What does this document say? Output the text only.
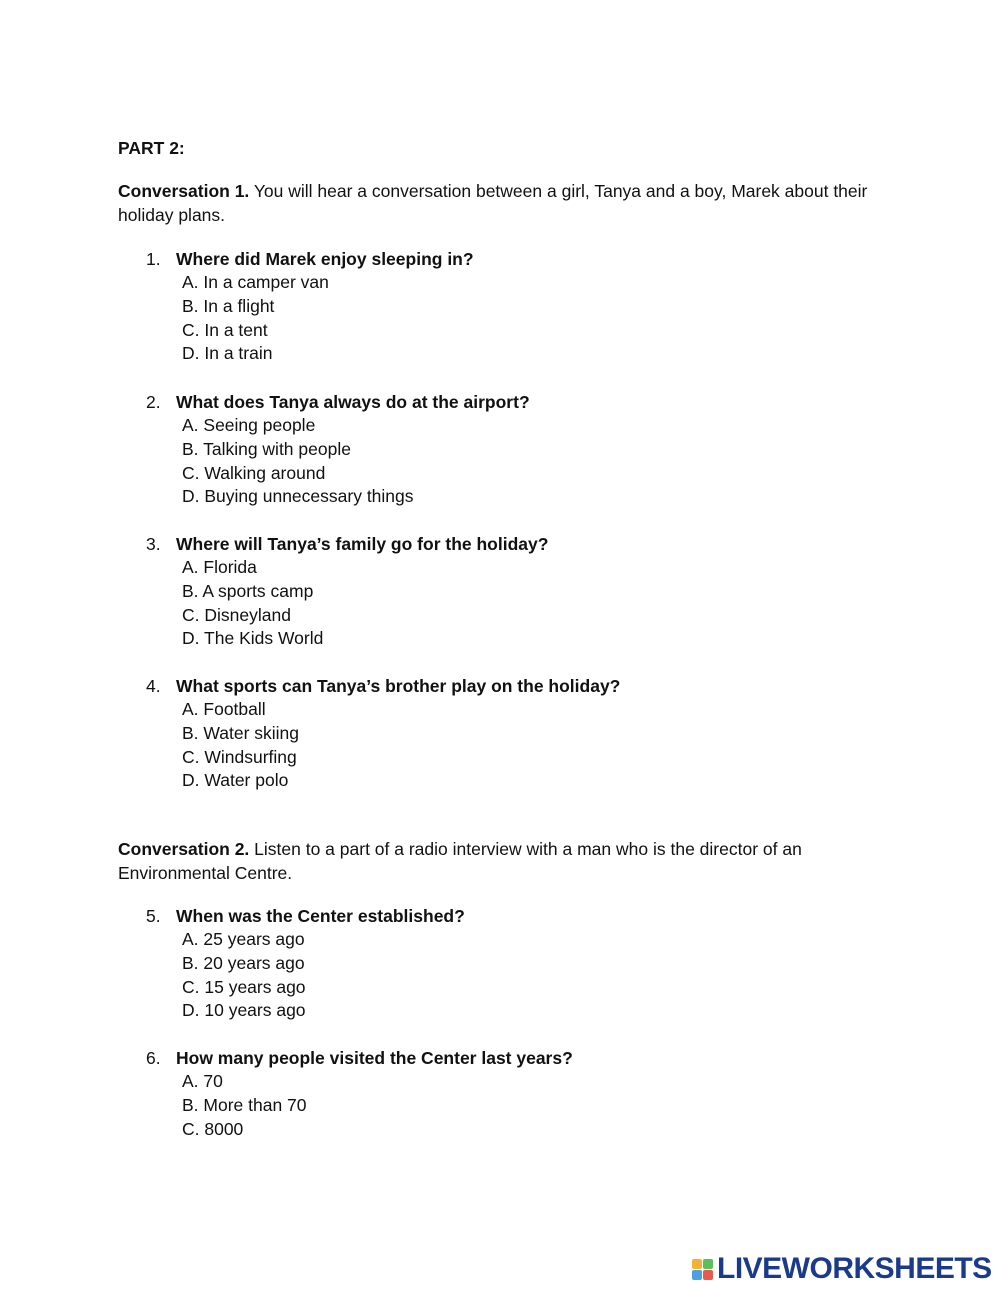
PART 2:

Conversation 1. You will hear a conversation between a girl, Tanya and a boy, Marek about their holiday plans.

1. Where did Marek enjoy sleeping in?
A. In a camper van
B. In a flight
C. In a tent
D. In a train
2. What does Tanya always do at the airport?
A. Seeing people
B. Talking with people
C. Walking around
D. Buying unnecessary things
3. Where will Tanya’s family go for the holiday?
A. Florida
B. A sports camp
C. Disneyland
D. The Kids World
4. What sports can Tanya’s brother play on the holiday?
A. Football
B. Water skiing
C. Windsurfing
D. Water polo

Conversation 2. Listen to a part of a radio interview with a man who is the director of an Environmental Centre.

5. When was the Center established?
A. 25 years ago
B. 20 years ago
C. 15 years ago
D. 10 years ago
6. How many people visited the Center last years?
A. 70
B. More than 70
C. 8000
LIVEWORKSHEETS
